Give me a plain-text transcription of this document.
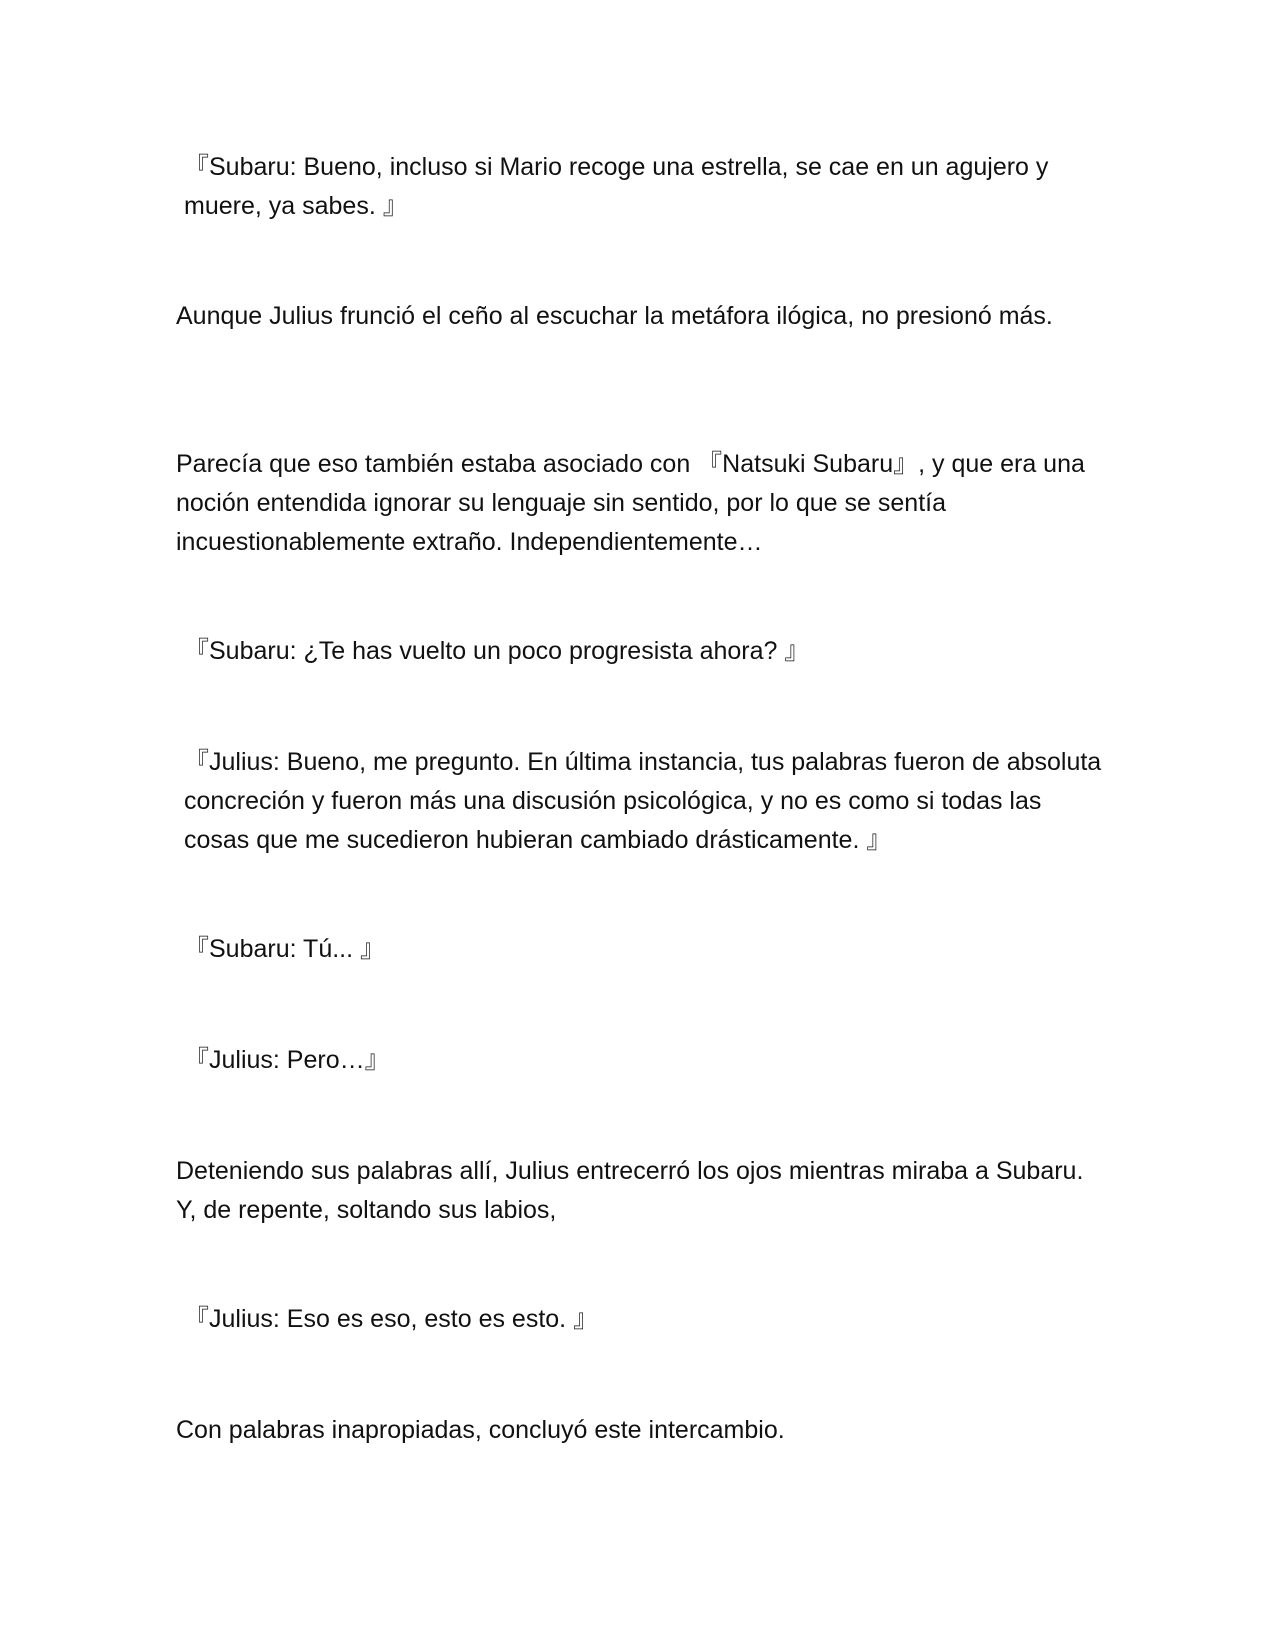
『Subaru: Bueno, incluso si Mario recoge una estrella, se cae en un agujero y muere, ya sabes. 』

Aunque Julius frunció el ceño al escuchar la metáfora ilógica, no presionó más.

Parecía que eso también estaba asociado con 『Natsuki Subaru』, y que era una noción entendida ignorar su lenguaje sin sentido, por lo que se sentía incuestionablemente extraño. Independientemente…

『Subaru: ¿Te has vuelto un poco progresista ahora? 』

『Julius: Bueno, me pregunto. En última instancia, tus palabras fueron de absoluta concreción y fueron más una discusión psicológica, y no es como si todas las cosas que me sucedieron hubieran cambiado drásticamente. 』

『Subaru: Tú... 』

『Julius: Pero…』

Deteniendo sus palabras allí, Julius entrecerró los ojos mientras miraba a Subaru. Y, de repente, soltando sus labios,

『Julius: Eso es eso, esto es esto. 』

Con palabras inapropiadas, concluyó este intercambio.
